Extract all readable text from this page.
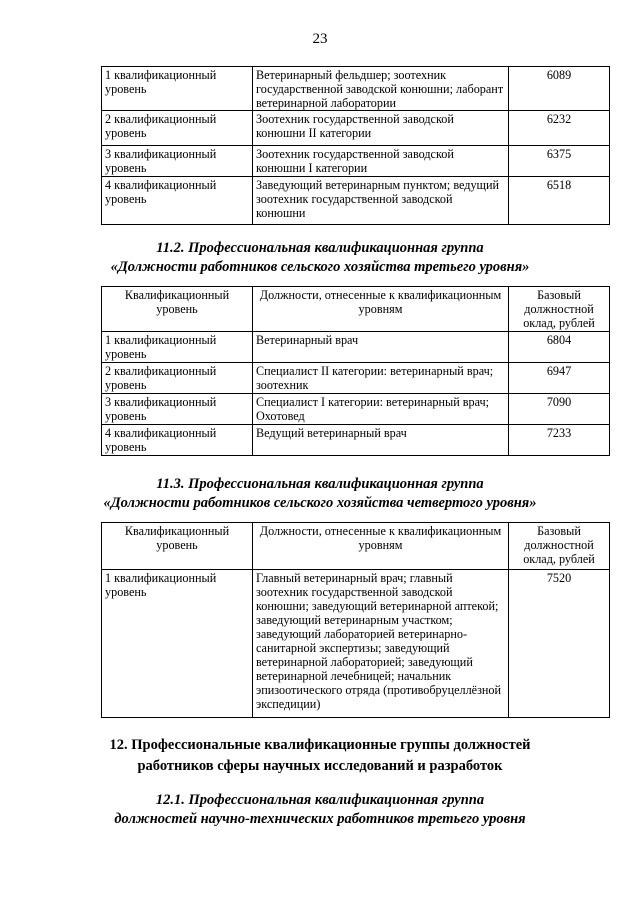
23
1 квалификационный уровень	Ветеринарный фельдшер; зоотехник государственной заводской конюшни; лаборант ветеринарной лаборатории	6089
2 квалификационный уровень	Зоотехник государственной заводской конюшни II категории	6232
3 квалификационный уровень	Зоотехник государственной заводской конюшни I категории	6375
4 квалификационный уровень	Заведующий ветеринарным пунктом; ведущий зоотехник государственной заводской конюшни	6518
11.2. Профессиональная квалификационная группа
«Должности работников сельского хозяйства третьего уровня»
Квалификационный уровень	Должности, отнесенные к квалификационным уровням	Базовый должностной оклад, рублей
1 квалификационный уровень	Ветеринарный врач	6804
2 квалификационный уровень	Специалист II категории: ветеринарный врач; зоотехник	6947
3 квалификационный уровень	Специалист I категории: ветеринарный врач; Охотовед	7090
4 квалификационный уровень	Ведущий ветеринарный врач	7233
11.3. Профессиональная квалификационная группа
«Должности работников сельского хозяйства четвертого уровня»
Квалификационный уровень	Должности, отнесенные к квалификационным уровням	Базовый должностной оклад, рублей
1 квалификационный уровень	Главный ветеринарный врач; главный зоотехник государственной заводской конюшни; заведующий ветеринарной аптекой; заведующий ветеринарным участком; заведующий лабораторией ветеринарно-санитарной экспертизы; заведующий ветеринарной лабораторией; заведующий ветеринарной лечебницей; начальник эпизоотического отряда (противобруцеллёзной экспедиции)	7520
12. Профессиональные квалификационные группы должностей
работников сферы научных исследований и разработок
12.1. Профессиональная квалификационная группа
должностей научно-технических работников третьего уровня
